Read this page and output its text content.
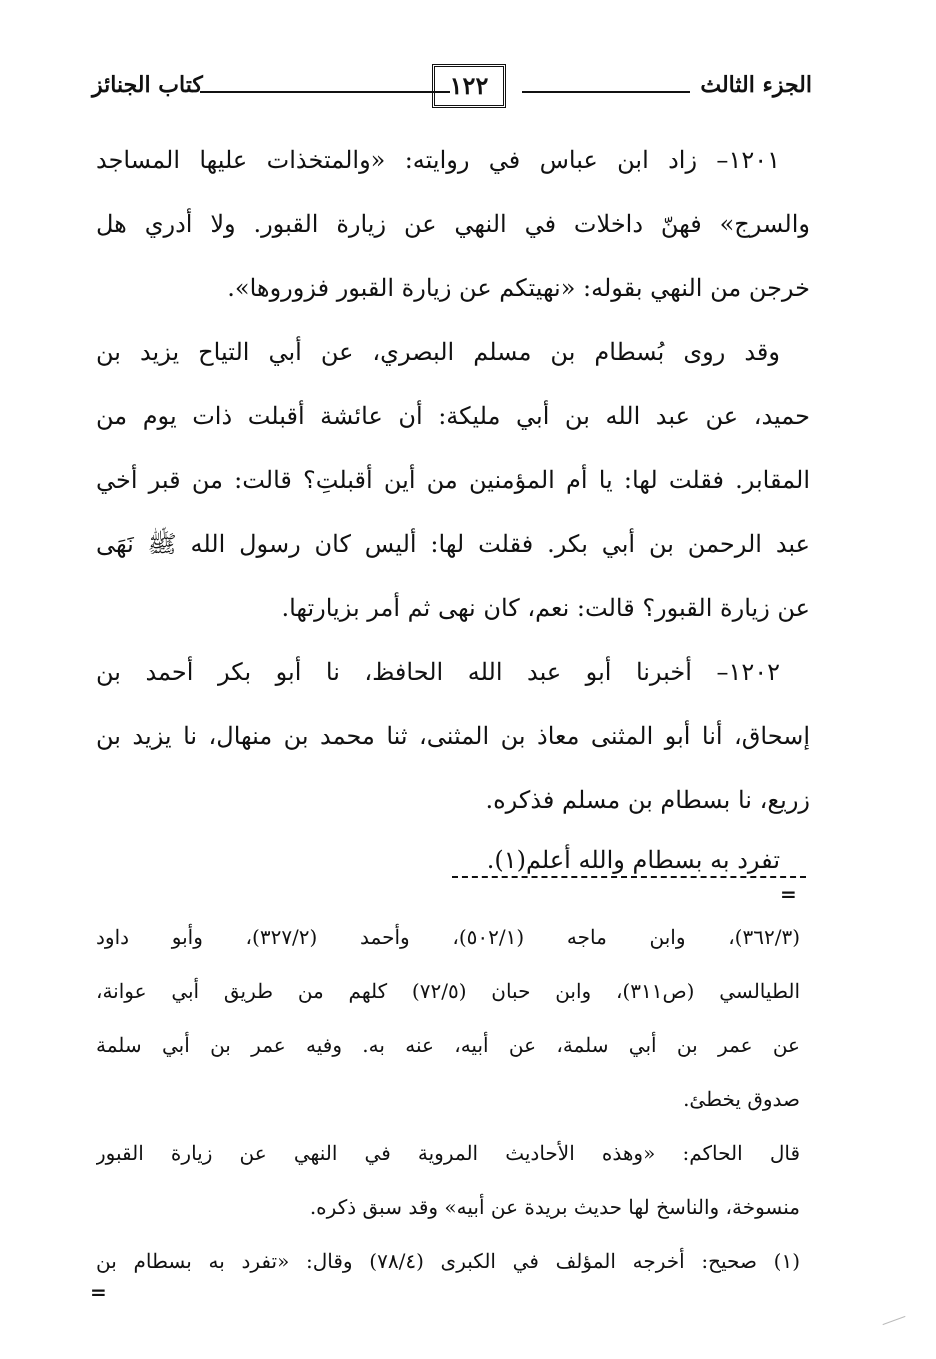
الجزء الثالث
١٢٢
كتاب الجنائز

١٢٠١– زاد ابن عباس في روايته: «والمتخذات عليها المساجد
والسرج» فهنّ داخلات في النهي عن زيارة القبور. ولا أدري هل
خرجن من النهي بقوله: «نهيتكم عن زيارة القبور فزوروها».

وقد روى بُسطام بن مسلم البصري، عن أبي التياح يزيد بن
حميد، عن عبد الله بن أبي مليكة: أن عائشة أقبلت ذات يوم من
المقابر. فقلت لها: يا أم المؤمنين من أين أقبلتِ؟ قالت: من قبر أخي
عبد الرحمن بن أبي بكر. فقلت لها: أليس كان رسول الله ﷺ نَهَى
عن زيارة القبور؟ قالت: نعم، كان نهى ثم أمر بزيارتها.

١٢٠٢– أخبرنا أبو عبد الله الحافظ، نا أبو بكر أحمد بن
إسحاق، أنا أبو المثنى معاذ بن المثنى، ثنا محمد بن منهال، نا يزيد بن
زريع، نا بسطام بن مسلم فذكره.

تفرد به بسطام والله أعلم(١).

=
(٣٦٢/٣)، وابن ماجه (٥٠٢/١)، وأحمد (٣٢٧/٢)، وأبو داود
الطيالسي (ص٣١١)، وابن حبان (٧٢/٥) كلهم من طريق أبي عوانة،
عن عمر بن أبي سلمة، عن أبيه، عنه به. وفيه عمر بن أبي سلمة
صدوق يخطئ.
قال الحاكم: «وهذه الأحاديث المروية في النهي عن زيارة القبور
منسوخة، والناسخ لها حديث بريدة عن أبيه» وقد سبق ذكره.
(١) صحيح: أخرجه المؤلف في الكبرى (٧٨/٤) وقال: «تفرد به بسطام بن
=
